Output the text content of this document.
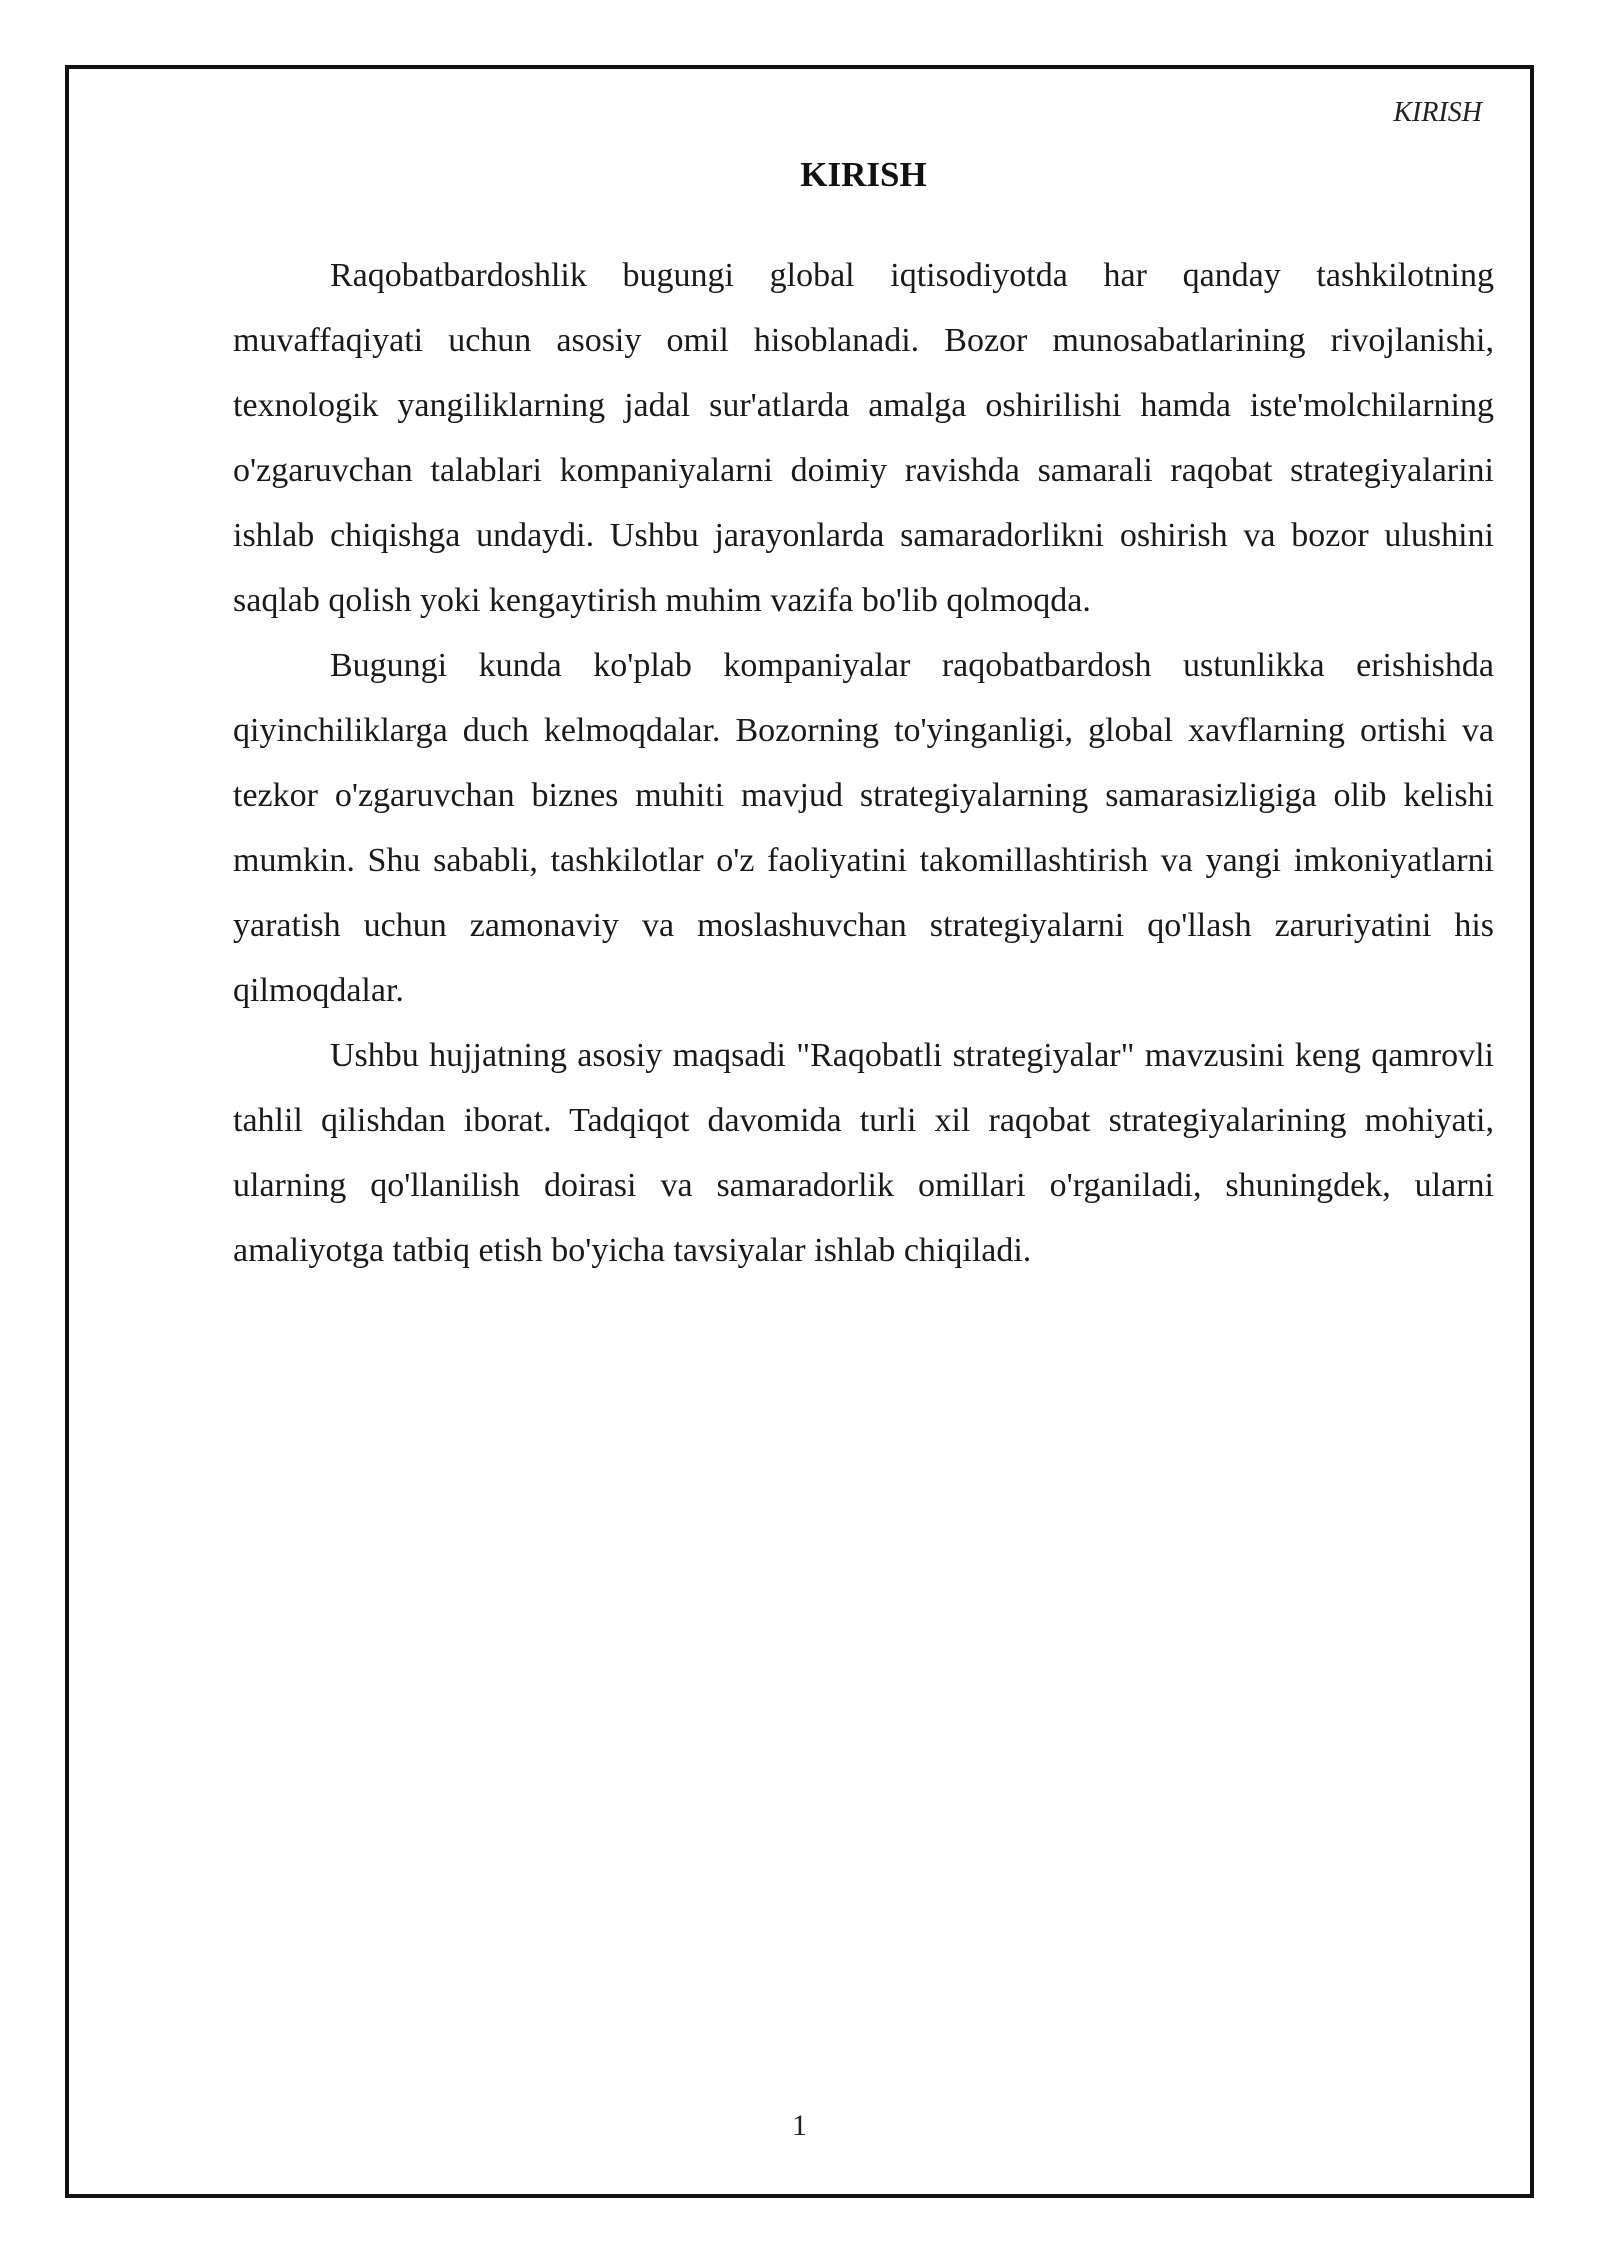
KIRISH
KIRISH

Raqobatbardoshlik bugungi global iqtisodiyotda har qanday tashkilotning muvaffaqiyati uchun asosiy omil hisoblanadi. Bozor munosabatlarining rivojlanishi, texnologik yangiliklarning jadal sur'atlarda amalga oshirilishi hamda iste'molchilarning o'zgaruvchan talablari kompaniyalarni doimiy ravishda samarali raqobat strategiyalarini ishlab chiqishga undaydi. Ushbu jarayonlarda samaradorlikni oshirish va bozor ulushini saqlab qolish yoki kengaytirish muhim vazifa bo'lib qolmoqda.

Bugungi kunda ko'plab kompaniyalar raqobatbardosh ustunlikka erishishda qiyinchiliklarga duch kelmoqdalar. Bozorning to'yinganligi, global xavflarning ortishi va tezkor o'zgaruvchan biznes muhiti mavjud strategiyalarning samarasizligiga olib kelishi mumkin. Shu sababli, tashkilotlar o'z faoliyatini takomillashtirish va yangi imkoniyatlarni yaratish uchun zamonaviy va moslashuvchan strategiyalarni qo'llash zaruriyatini his qilmoqdalar.

Ushbu hujjatning asosiy maqsadi "Raqobatli strategiyalar" mavzusini keng qamrovli tahlil qilishdan iborat. Tadqiqot davomida turli xil raqobat strategiyalarining mohiyati, ularning qo'llanilish doirasi va samaradorlik omillari o'rganiladi, shuningdek, ularni amaliyotga tatbiq etish bo'yicha tavsiyalar ishlab chiqiladi.

1
